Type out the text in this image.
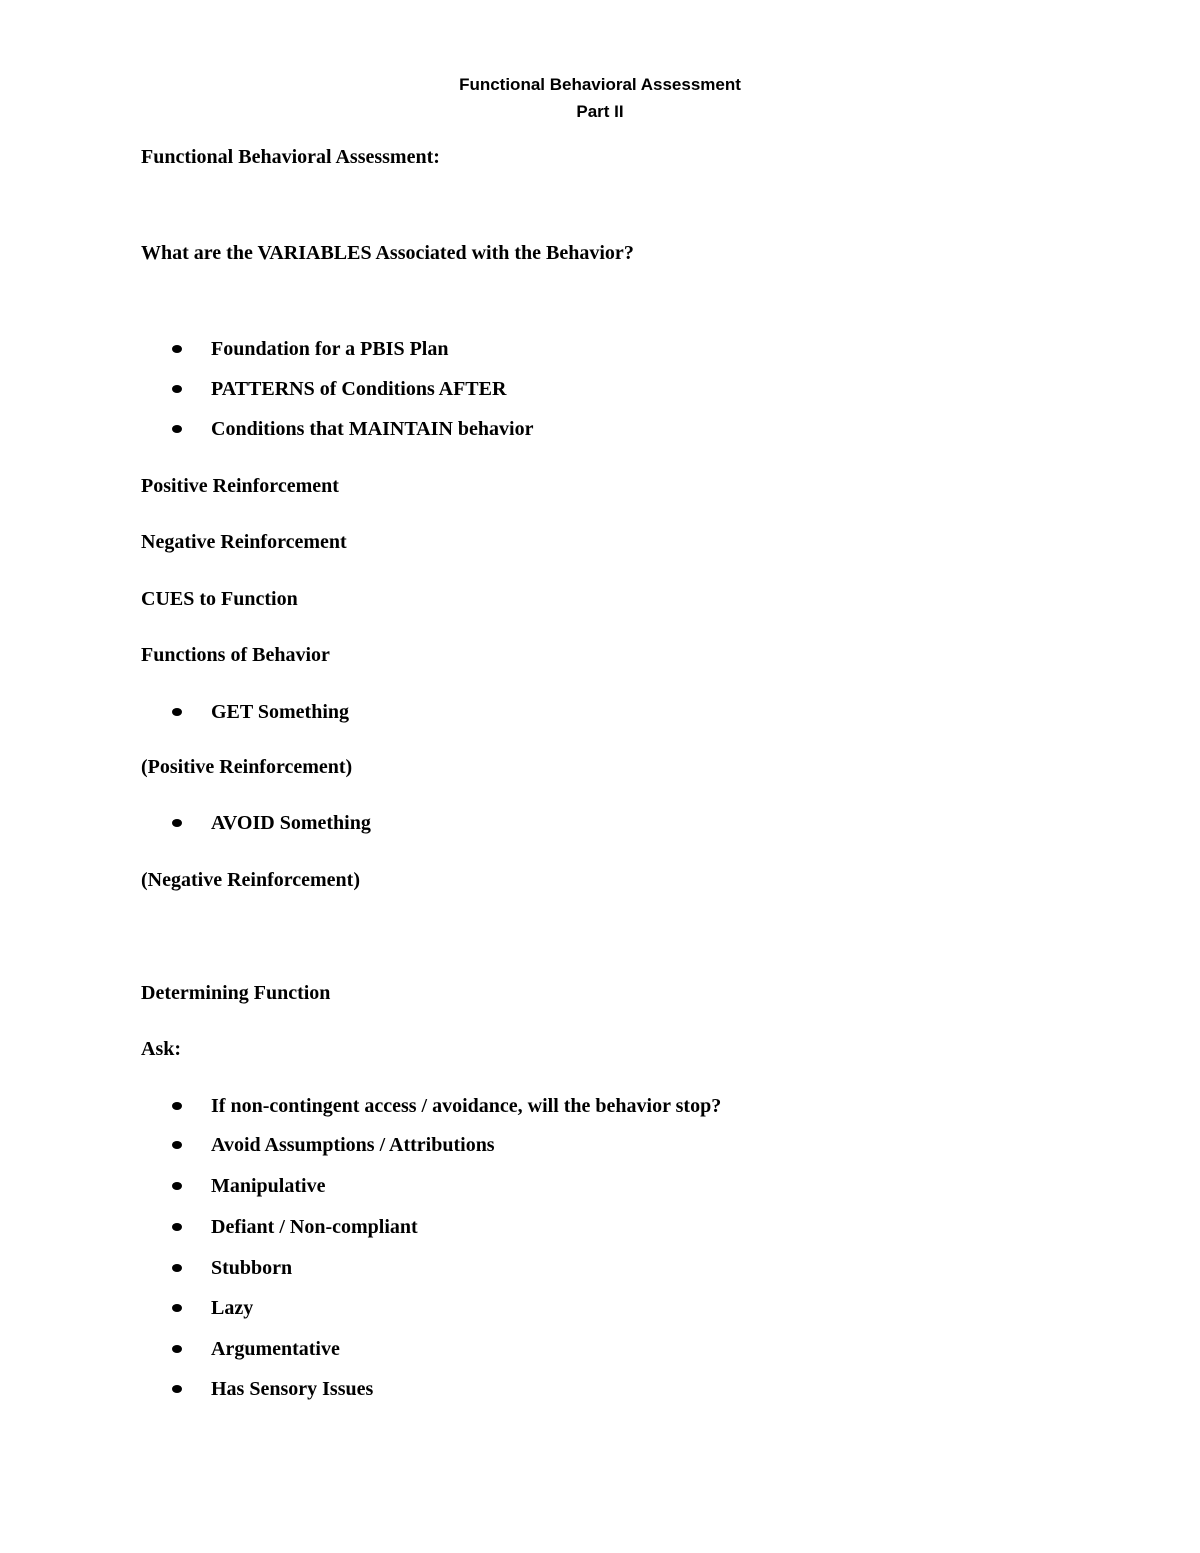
Functional Behavioral Assessment
Part II
Functional Behavioral Assessment:
What are the VARIABLES Associated with the Behavior?
Foundation for a PBIS Plan
PATTERNS of Conditions AFTER
Conditions that MAINTAIN behavior
Positive Reinforcement
Negative Reinforcement
CUES to Function
Functions of Behavior
GET Something
(Positive Reinforcement)
AVOID Something
(Negative Reinforcement)
Determining Function
Ask:
If non-contingent access / avoidance, will the behavior stop?
Avoid Assumptions / Attributions
Manipulative
Defiant / Non-compliant
Stubborn
Lazy
Argumentative
Has Sensory Issues
